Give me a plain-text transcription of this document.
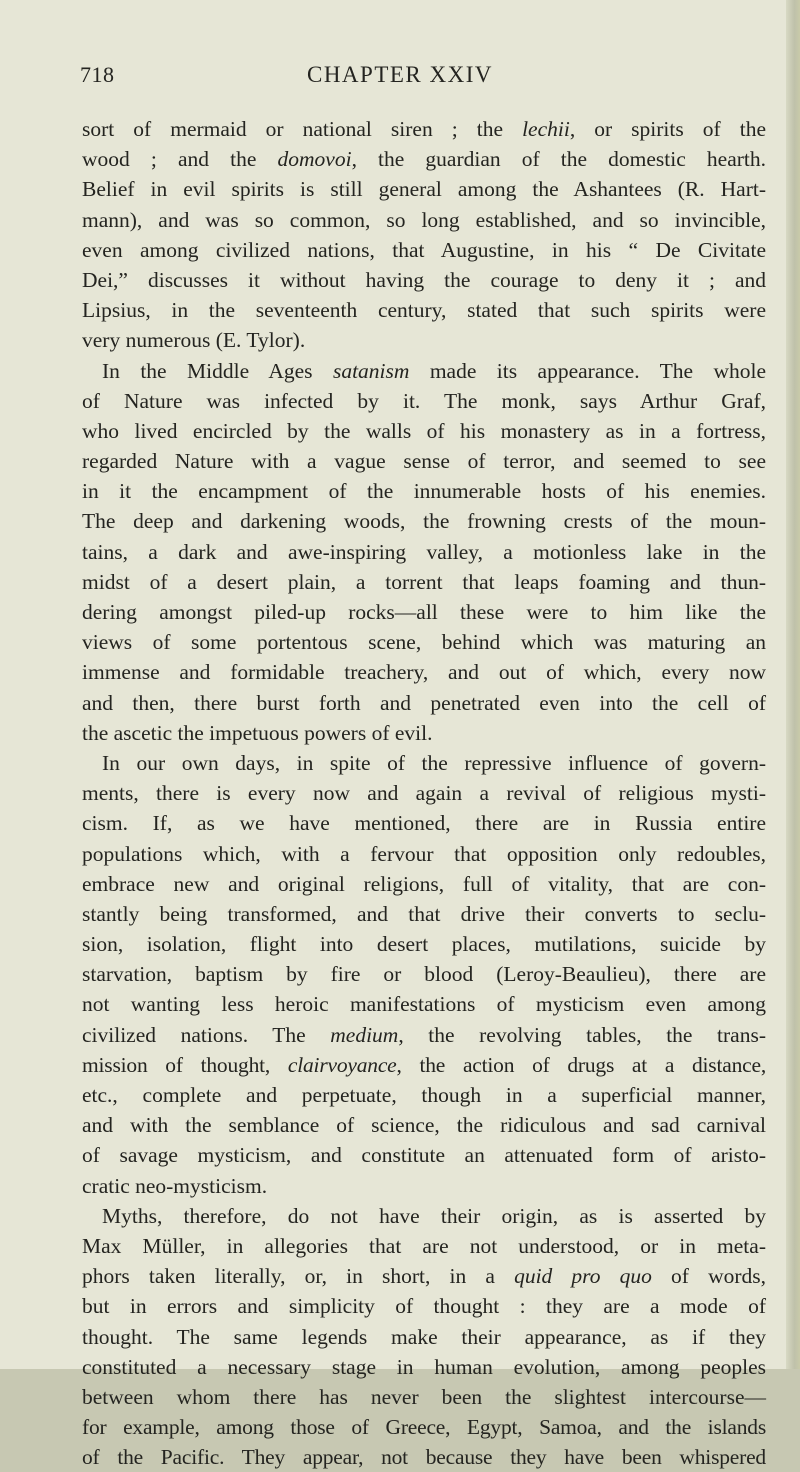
718	CHAPTER XXIV
sort of mermaid or national siren ; the lechii, or spirits of the
wood ; and the domovoi, the guardian of the domestic hearth.
Belief in evil spirits is still general among the Ashantees (R. Hart-
mann), and was so common, so long established, and so invincible,
even among civilized nations, that Augustine, in his “ De Civitate
Dei,” discusses it without having the courage to deny it ; and
Lipsius, in the seventeenth century, stated that such spirits were
very numerous (E. Tylor).
In the Middle Ages satanism made its appearance. The whole
of Nature was infected by it. The monk, says Arthur Graf,
who lived encircled by the walls of his monastery as in a fortress,
regarded Nature with a vague sense of terror, and seemed to see
in it the encampment of the innumerable hosts of his enemies.
The deep and darkening woods, the frowning crests of the moun-
tains, a dark and awe-inspiring valley, a motionless lake in the
midst of a desert plain, a torrent that leaps foaming and thun-
dering amongst piled-up rocks—all these were to him like the
views of some portentous scene, behind which was maturing an
immense and formidable treachery, and out of which, every now
and then, there burst forth and penetrated even into the cell of
the ascetic the impetuous powers of evil.
In our own days, in spite of the repressive influence of govern-
ments, there is every now and again a revival of religious mysti-
cism. If, as we have mentioned, there are in Russia entire
populations which, with a fervour that opposition only redoubles,
embrace new and original religions, full of vitality, that are con-
stantly being transformed, and that drive their converts to seclu-
sion, isolation, flight into desert places, mutilations, suicide by
starvation, baptism by fire or blood (Leroy-Beaulieu), there are
not wanting less heroic manifestations of mysticism even among
civilized nations. The medium, the revolving tables, the trans-
mission of thought, clairvoyance, the action of drugs at a distance,
etc., complete and perpetuate, though in a superficial manner,
and with the semblance of science, the ridiculous and sad carnival
of savage mysticism, and constitute an attenuated form of aristo-
cratic neo-mysticism.
Myths, therefore, do not have their origin, as is asserted by
Max Müller, in allegories that are not understood, or in meta-
phors taken literally, or, in short, in a quid pro quo of words,
but in errors and simplicity of thought : they are a mode of
thought. The same legends make their appearance, as if they
constituted a necessary stage in human evolution, among peoples
between whom there has never been the slightest intercourse—
for example, among those of Greece, Egypt, Samoa, and the islands
of the Pacific. They appear, not because they have been whispered
